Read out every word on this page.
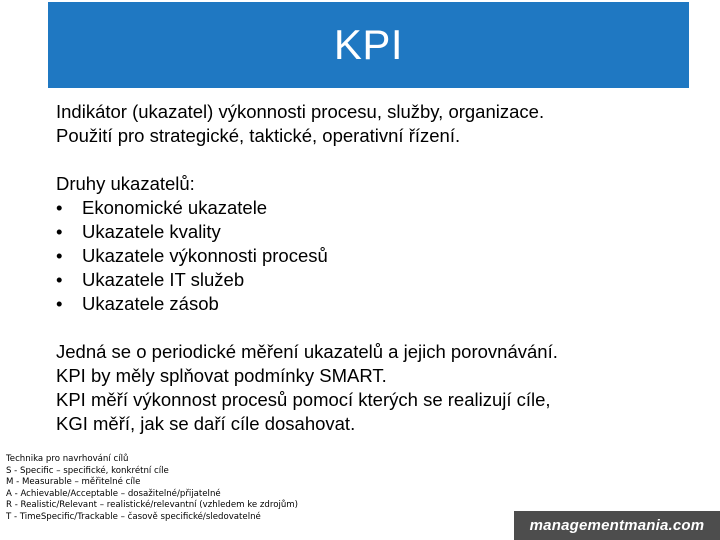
KPI

Indikátor (ukazatel) výkonnosti procesu, služby, organizace.

Použití pro strategické, taktické, operativní řízení.

Druhy ukazatelů:

•	Ekonomické ukazatele
•	Ukazatele kvality
•	Ukazatele výkonnosti procesů
•	Ukazatele IT služeb
•	Ukazatele zásob

Jedná se o periodické měření ukazatelů a jejich porovnávání.

KPI by měly splňovat podmínky SMART.

KPI měří výkonnost procesů pomocí kterých se realizují cíle,

KGI měří, jak se daří cíle dosahovat.

Technika pro navrhování cílů
S - Specific – specifické, konkrétní cíle
M - Measurable – měřitelné cíle
A - Achievable/Acceptable – dosažitelné/přijatelné
R - Realistic/Relevant – realistické/relevantní (vzhledem ke zdrojům)
T - TimeSpecific/Trackable – časově specifické/sledovatelné
managementmania.com
